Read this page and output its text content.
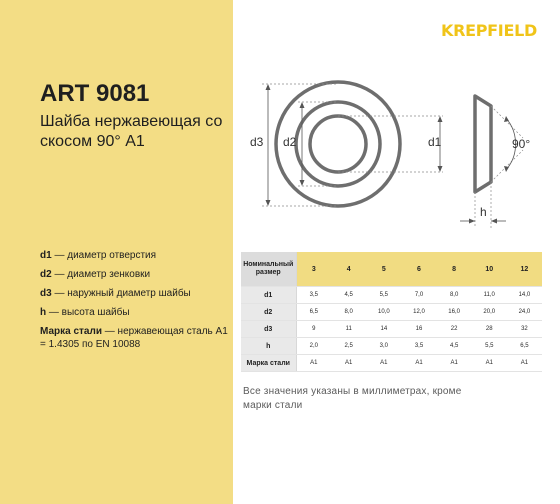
KREPFIELD
ART 9081
Шайба нержавеющая со скосом 90° А1
d1 — диаметр отверстия
d2 — диаметр зенковки
d3 — наружный диаметр шайбы
h — высота шайбы
Марка стали — нержавеющая сталь А1 = 1.4305 по EN 10088
d3 d2	d1	90°
h
Номинальный размер	3	4	5	6	8	10	12
d1	3,5	4,5	5,5	7,0	8,0	11,0	14,0
d2	6,5	8,0	10,0	12,0	16,0	20,0	24,0
d3	9	11	14	16	22	28	32
h	2,0	2,5	3,0	3,5	4,5	5,5	6,5
Марка стали	A1	A1	A1	A1	A1	A1	A1
Все значения указаны в миллиметрах, кроме марки стали
